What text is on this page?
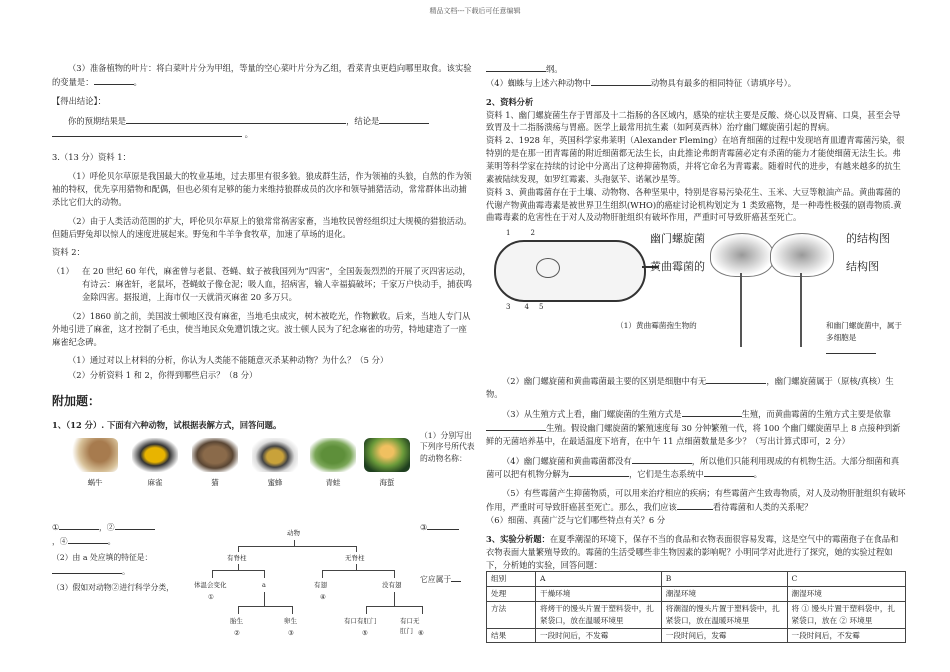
精品文档---下载后可任意编辑

（3）准备植物的叶片：将白菜叶片分为甲组，等量的空心菜叶片分为乙组，看菜青虫更趋向哪里取食。该实验的变量是：	。

【得出结论】：

你的预期结果是	，结论是
。

3.（13 分）资料 1：

（1）呼伦贝尔草原是我国最大的牧业基地，过去那里有很多狼。狼成群生活，作为领袖的头狼，自然的作为领袖的特权，优先享用猎物和配偶，但也必须有足够的能力来维持狼群成员的次序和领导捕猎活动，常常群体出动捕杀比它们大的动物。

（2）由于人类活动范围的扩大，呼伦贝尔草原上的狼常常祸害家畜，当地牧民曾经组织过大规模的猎狼活动。但随后野兔却以惊人的速度进展起来。野兔和牛羊争食牧草，加速了草场的退化。

资料 2：

（1） 在 20 世纪 60 年代，麻雀曾与老鼠、苍蝇、蚊子被我国列为”四害”，全国轰轰烈烈的开展了灭四害运动，有诗云：麻雀轩，老鼠坏，苍蝇蚊子像仓泥；吸人血，招病害，输人幸福搞破坏；千家万户快动手，捕获鸣金除四害。据报道，上海市仅一天就消灭麻雀 20 多万只。

（2）1860 前之前，美国波士顿地区没有麻雀，当地毛虫成灾，树木被吃光，作物歉收。后来，当地人专门从外地引进了麻雀，这才控制了毛虫，使当地民众免遭饥饿之灾。波士顿人民为了纪念麻雀的功劳，特地建造了一座麻雀纪念碑。

（1）通过对以上材料的分析，你认为人类能不能随意灭杀某种动物？为什么？（5 分）

（2）分析资料 1 和 2，你得到哪些启示？（8 分）

附加题：

1、（12 分）. 下面有六种动物，试根据表解方式，回答问题。

蜗牛	麻雀	猫	蜜蜂	青蛙	海蜇
（1）分别写出下列序号所代表的动物名称：
①	，②
，④	。
（2）由 a 处应填的特征是：
。
（3）假如对动物②进行科学分类，
③
它应属于
动物
有脊柱	无脊柱
体温会变化	a	有翅	没有翅
①	④
胎生	卵生	有口有肛门	有口无肛门
②	③	⑤	⑥

纲。

（4）蜘蛛与上述六种动物中	动物具有最多的相同特征（请填序号）。

2、资料分析

资料 1、幽门螺旋菌生存于胃部及十二指肠的各区域内，感染的症状主要是反酸、烧心以及胃痛、口臭，甚至会导致胃及十二指肠溃疡与胃癌。医学上最常用抗生素（如阿莫西林）治疗幽门螺旋菌引起的胃病。

资料 2、1928 年，英国科学家弗莱明（Alexander Fleming）在培育细菌的过程中发现培育皿遭青霉菌污染，很特别的是在那一团青霉菌的附近细菌都无法生长，由此推论弗朗青霉菌必定有杀菌的能力才能使细菌无法生长。弗莱明等科学家在持续的讨论中分离出了这种抑菌物质，并将它命名为青霉素。随着时代的进步，有越来越多的抗生素被陆续发现，如罗红霉素、头孢氨苄、诺氟沙星等。

资料 3、黄曲霉菌存在于土壤、动物物、各种坚果中，特别是容易污染花生、玉米、大豆等粮油产品。黄曲霉菌的代谢产物黄曲霉毒素是被世界卫生组织(WHO)的癌症讨论机构划定为 1 类致癌物，是一种毒性极强的剧毒物质.黄曲霉毒素的危害性在于对人及动物肝脏组织有破坏作用，严重时可导致肝癌甚至死亡。

1	2
3 4 5
幽门螺旋菌
黄曲霉菌的
的结构图
结构图
（1）黄曲霉菌孢生物的	和幽门螺旋菌中，属于多细胞是

（2）幽门螺旋菌和黄曲霉菌最主要的区别是细胞中有无	，幽门螺旋菌属于（原核/真核）生物。

（3）从生殖方式上看，幽门螺旋菌的生殖方式是	生殖，而黄曲霉菌的生殖方式主要是依靠生殖。假设幽门螺旋菌的繁殖速度每 30 分钟繁殖一代，将 100 个幽门螺旋菌早上 8 点接种到新鲜的无菌培养基中，在最适温度下培育，在中午 11 点细菌数量是多少？（写出计算式即可，2 分）

（4）幽门螺旋菌和黄曲霉菌都没有	，所以他们只能利用现成的有机物生活。大部分细菌和真菌可以把有机物分解为	，它们是生态系统中	。

（5）有些霉菌产生抑菌物质，可以用来治疗相应的疾病；有些霉菌产生致毒物质，对人及动物肝脏组织有破坏作用，严重时可导致肝癌甚至死亡。那么，我们应该	看待霉菌和人类的关系呢？

（6）细菌、真菌广泛与它们哪些特点有关？6 分

3、实验分析题：在夏季潮湿的环境下，保存不当的食品和衣物表面很容易发霉，这是空气中的霉菌孢子在食品和衣物表面大量繁殖导致的。霉菌的生活受哪些非生物因素的影响呢？小明同学对此进行了探究，她的实验过程如下，分析她的实验，回答问题：

组别	A	B	C
处理	干燥环境	潮湿环境	潮湿环境
方法	将烤干的馒头片置于塑料袋中，扎紧袋口，放在温暖环境里	将潮湿的馒头片置于塑料袋中，扎紧袋口，放在温暖环境里	将 ① 馒头片置于塑料袋中，扎紧袋口，放在 ② 环境里
结果	一段时间后，不发霉	一段时间后，发霉	一段时间后，不发霉
